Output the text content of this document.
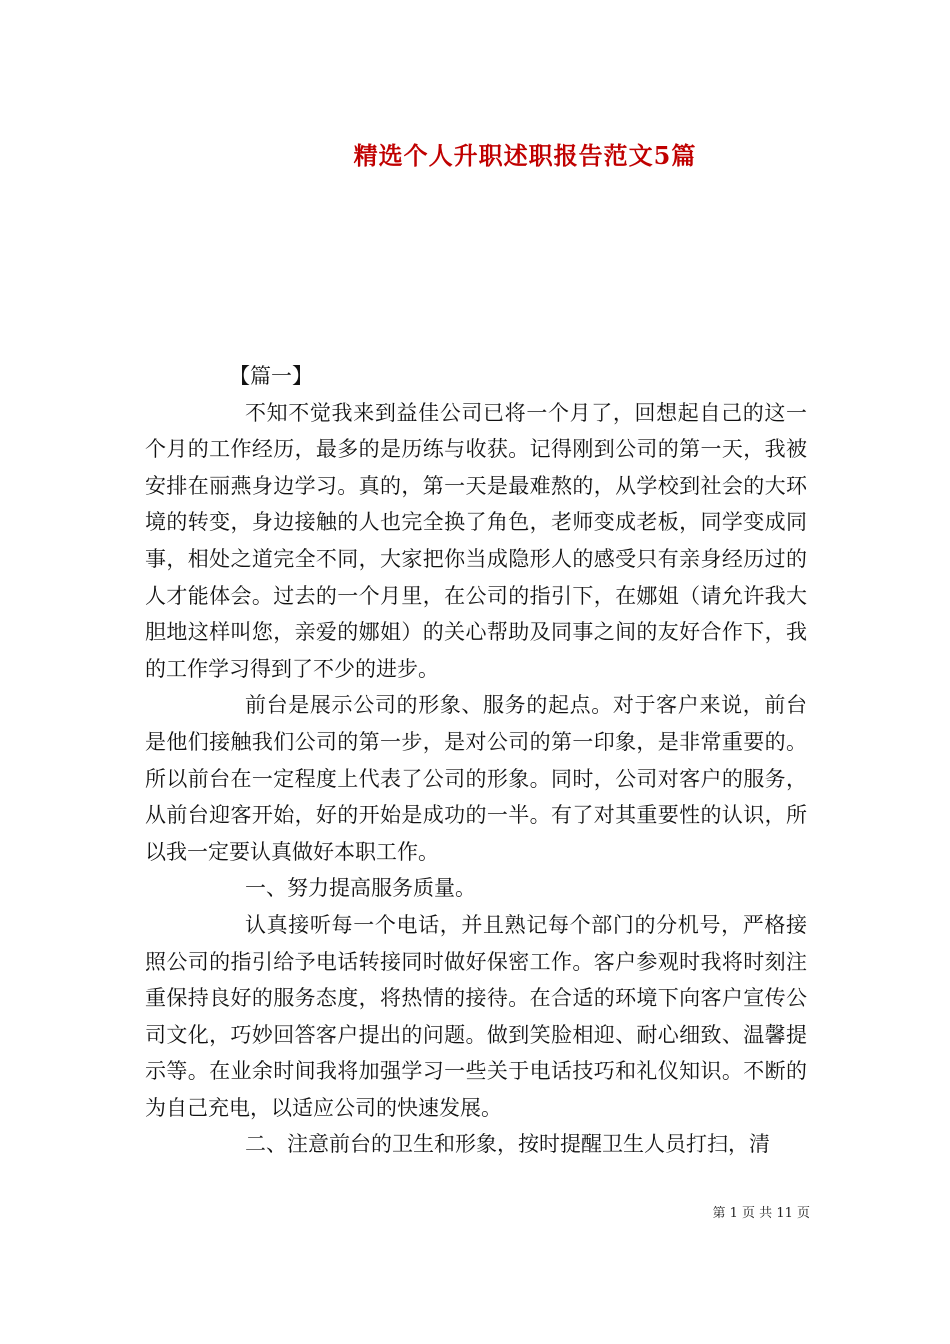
精选个人升职述职报告范文5篇

【篇一】

不知不觉我来到益佳公司已将一个月了，回想起自己的这一个月的工作经历，最多的是历练与收获。记得刚到公司的第一天，我被安排在丽燕身边学习。真的，第一天是最难熬的，从学校到社会的大环境的转变，身边接触的人也完全换了角色，老师变成老板，同学变成同事，相处之道完全不同，大家把你当成隐形人的感受只有亲身经历过的人才能体会。过去的一个月里，在公司的指引下，在娜姐（请允许我大胆地这样叫您，亲爱的娜姐）的关心帮助及同事之间的友好合作下，我的工作学习得到了不少的进步。

前台是展示公司的形象、服务的起点。对于客户来说，前台是他们接触我们公司的第一步，是对公司的第一印象，是非常重要的。所以前台在一定程度上代表了公司的形象。同时，公司对客户的服务，从前台迎客开始，好的开始是成功的一半。有了对其重要性的认识，所以我一定要认真做好本职工作。

一、努力提高服务质量。

认真接听每一个电话，并且熟记每个部门的分机号，严格接照公司的指引给予电话转接同时做好保密工作。客户参观时我将时刻注重保持良好的服务态度，将热情的接待。在合适的环境下向客户宣传公司文化，巧妙回答客户提出的问题。做到笑脸相迎、耐心细致、温馨提示等。在业余时间我将加强学习一些关于电话技巧和礼仪知识。不断的为自己充电，以适应公司的快速发展。

二、注意前台的卫生和形象，按时提醒卫生人员打扫，清

第 1 页 共 11 页
